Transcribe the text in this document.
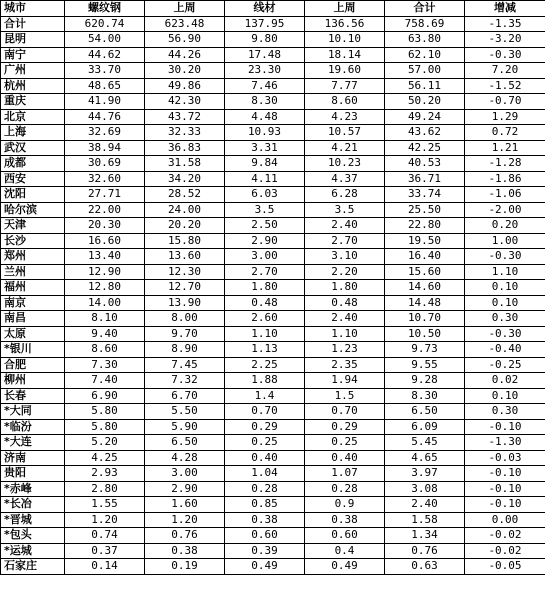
城市	螺纹钢	上周	线材	上周	合计	增减
合计	620.74	623.48	137.95	136.56	758.69	-1.35
昆明	54.00	56.90	9.80	10.10	63.80	-3.20
南宁	44.62	44.26	17.48	18.14	62.10	-0.30
广州	33.70	30.20	23.30	19.60	57.00	7.20
杭州	48.65	49.86	7.46	7.77	56.11	-1.52
重庆	41.90	42.30	8.30	8.60	50.20	-0.70
北京	44.76	43.72	4.48	4.23	49.24	1.29
上海	32.69	32.33	10.93	10.57	43.62	0.72
武汉	38.94	36.83	3.31	4.21	42.25	1.21
成都	30.69	31.58	9.84	10.23	40.53	-1.28
西安	32.60	34.20	4.11	4.37	36.71	-1.86
沈阳	27.71	28.52	6.03	6.28	33.74	-1.06
哈尔滨	22.00	24.00	3.5	3.5	25.50	-2.00
天津	20.30	20.20	2.50	2.40	22.80	0.20
长沙	16.60	15.80	2.90	2.70	19.50	1.00
郑州	13.40	13.60	3.00	3.10	16.40	-0.30
兰州	12.90	12.30	2.70	2.20	15.60	1.10
福州	12.80	12.70	1.80	1.80	14.60	0.10
南京	14.00	13.90	0.48	0.48	14.48	0.10
南昌	8.10	8.00	2.60	2.40	10.70	0.30
太原	9.40	9.70	1.10	1.10	10.50	-0.30
*银川	8.60	8.90	1.13	1.23	9.73	-0.40
合肥	7.30	7.45	2.25	2.35	9.55	-0.25
柳州	7.40	7.32	1.88	1.94	9.28	0.02
长春	6.90	6.70	1.4	1.5	8.30	0.10
*大同	5.80	5.50	0.70	0.70	6.50	0.30
*临汾	5.80	5.90	0.29	0.29	6.09	-0.10
*大连	5.20	6.50	0.25	0.25	5.45	-1.30
济南	4.25	4.28	0.40	0.40	4.65	-0.03
贵阳	2.93	3.00	1.04	1.07	3.97	-0.10
*赤峰	2.80	2.90	0.28	0.28	3.08	-0.10
*长冶	1.55	1.60	0.85	0.9	2.40	-0.10
*晋城	1.20	1.20	0.38	0.38	1.58	0.00
*包头	0.74	0.76	0.60	0.60	1.34	-0.02
*运城	0.37	0.38	0.39	0.4	0.76	-0.02
石家庄	0.14	0.19	0.49	0.49	0.63	-0.05
